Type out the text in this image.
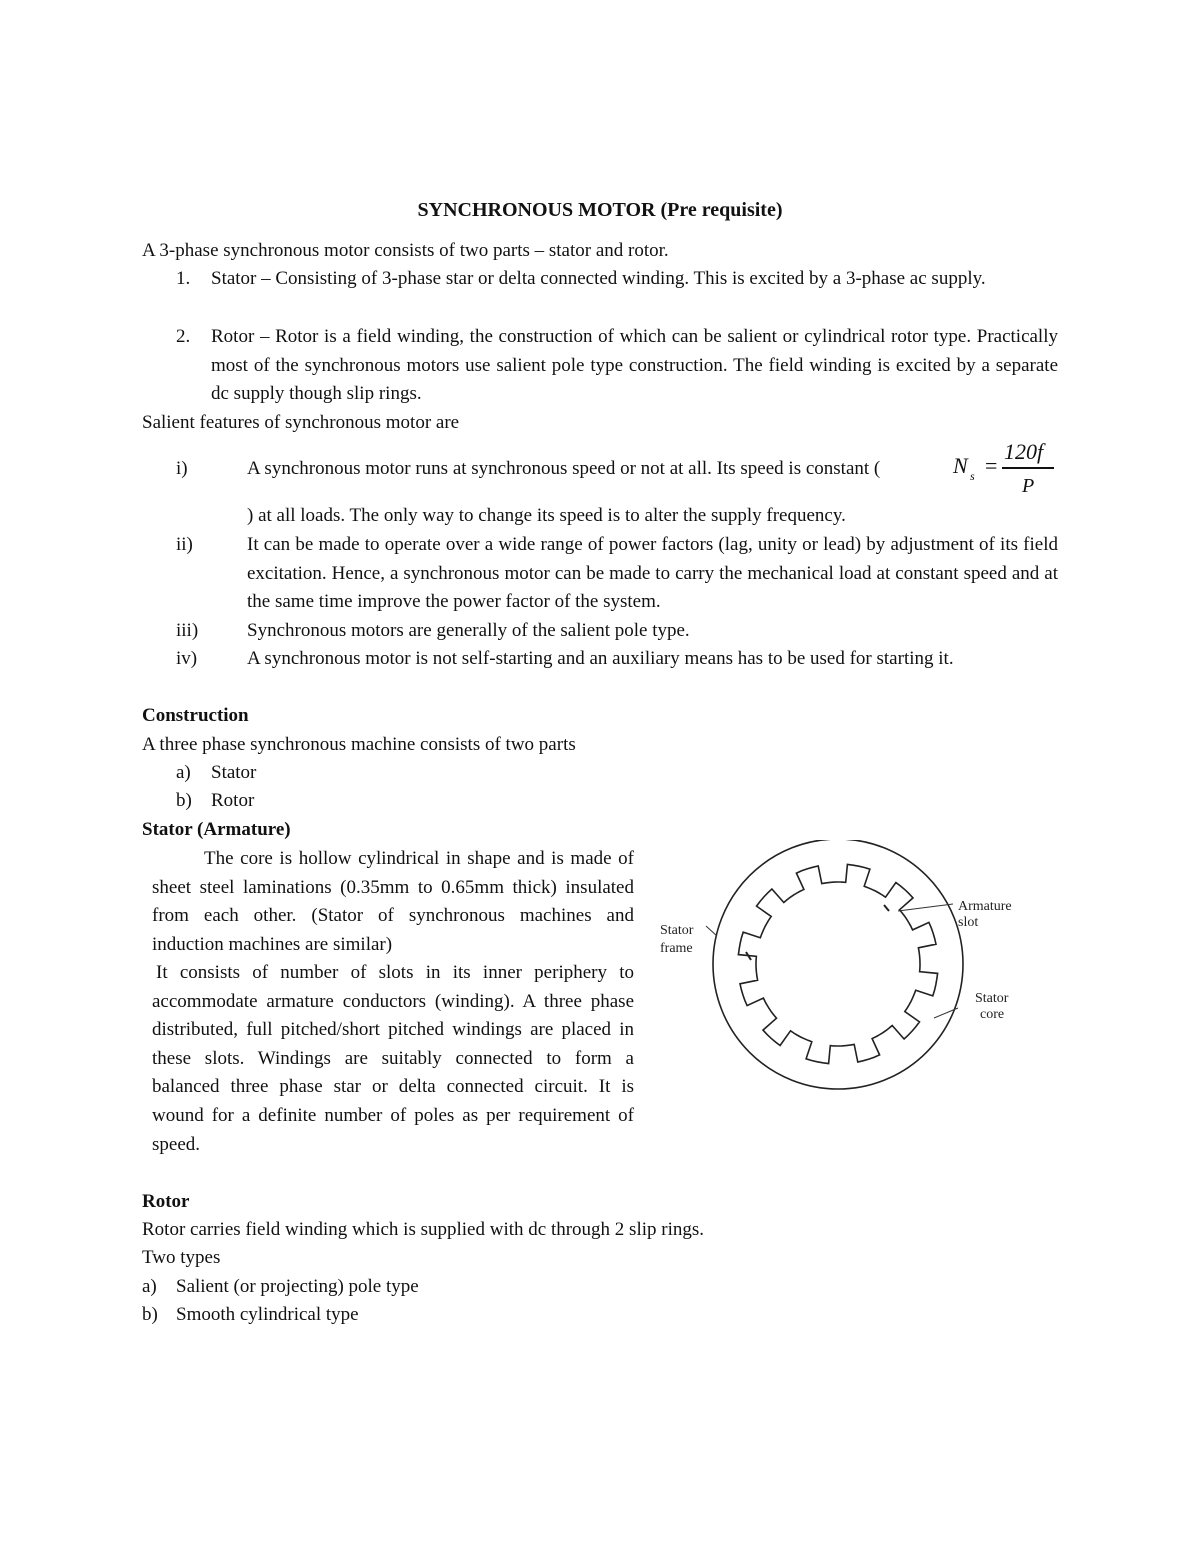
SYNCHRONOUS MOTOR (Pre requisite)
A 3-phase synchronous motor consists of two parts – stator and rotor.
1. Stator – Consisting of 3-phase star or delta connected winding. This is excited by a 3-phase ac supply.
2. Rotor – Rotor is a field winding, the construction of which can be salient or cylindrical rotor type. Practically most of the synchronous motors use salient pole type construction. The field winding is excited by a separate dc supply though slip rings.
Salient features of synchronous motor are
i)	A synchronous motor runs at synchronous speed or not at all. Its speed is constant (	N s =
120f
P
) at all loads. The only way to change its speed is to alter the supply frequency.
ii)	It can be made to operate over a wide range of power factors (lag, unity or lead) by adjustment of its field excitation. Hence, a synchronous motor can be made to carry the mechanical load at constant speed and at the same time improve the power factor of the system.
iii)	Synchronous motors are generally of the salient pole type.
iv)	A synchronous motor is not self-starting and an auxiliary means has to be used for starting it.
Construction
A three phase synchronous machine consists of two parts
a) Stator
b) Rotor
Stator (Armature)
The core is hollow cylindrical in shape and is made of sheet steel laminations (0.35mm to 0.65mm thick) insulated from each other. (Stator of synchronous machines and induction machines are similar)
It consists of number of slots in its inner periphery to accommodate armature conductors (winding). A three phase distributed, full pitched/short pitched windings are placed in these slots. Windings are suitably connected to form a balanced three phase star or delta connected circuit. It is wound for a definite number of poles as per requirement of speed.
Stator
frame
Armature
slot
Stator
core
Rotor
Rotor carries field winding which is supplied with dc through 2 slip rings.
Two types
a) Salient (or projecting) pole type
b) Smooth cylindrical type
